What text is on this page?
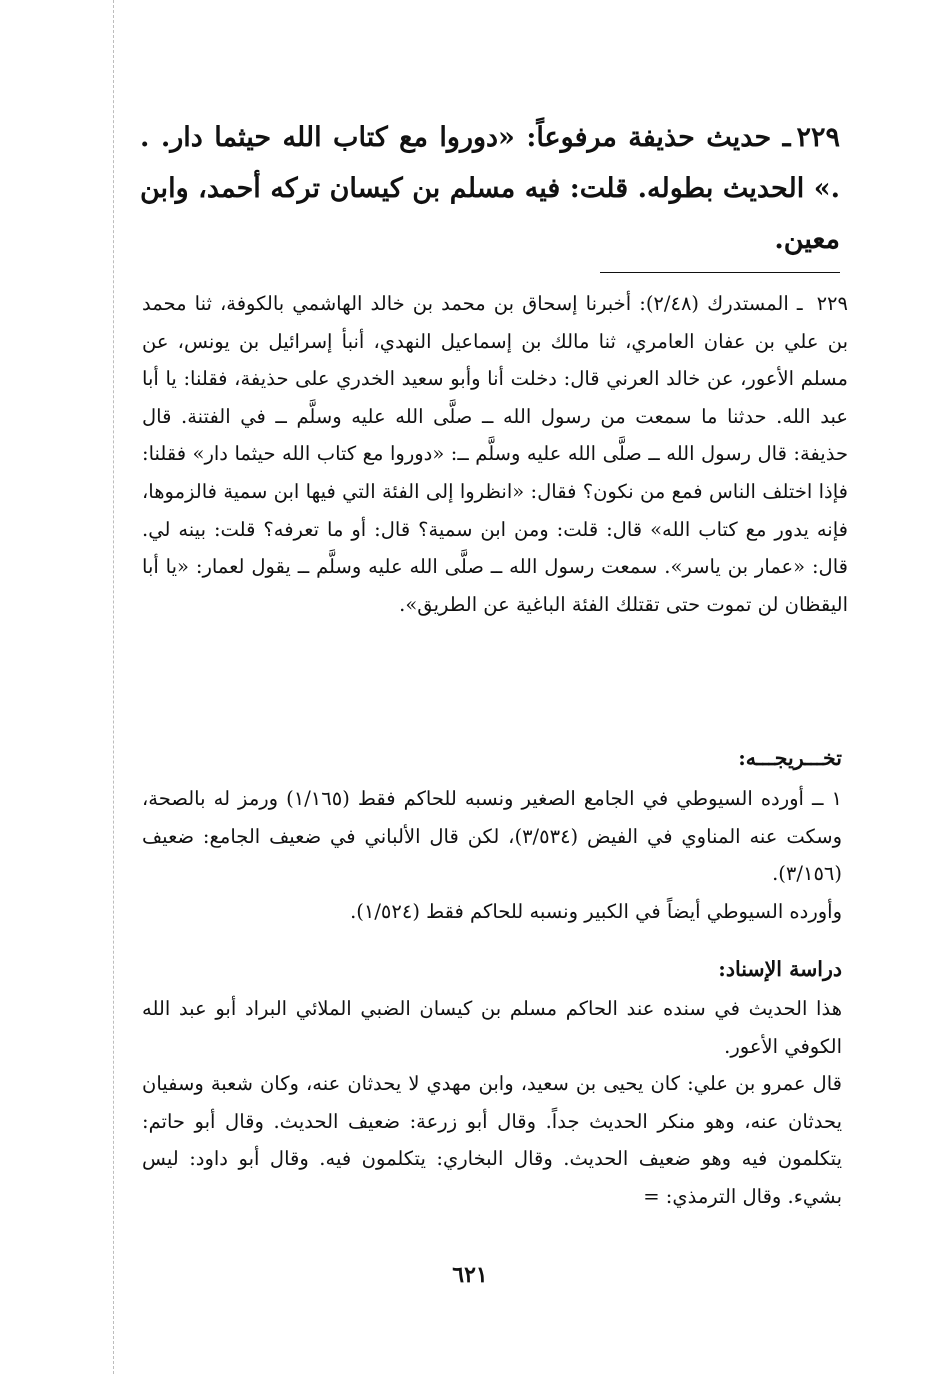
٢٢٩ـ حديث حذيفة مرفوعاً: «دوروا مع كتاب الله حيثما دار. . .» الحديث بطوله. قلت: فيه مسلم بن كيسان تركه أحمد، وابن معين.
٢٢٩ـ المستدرك (٢/٤٨): أخبرنا إسحاق بن محمد بن خالد الهاشمي بالكوفة، ثنا محمد بن علي بن عفان العامري، ثنا مالك بن إسماعيل النهدي، أنبأ إسرائيل بن يونس، عن مسلم الأعور، عن خالد العرني قال: دخلت أنا وأبو سعيد الخدري على حذيفة، فقلنا: يا أبا عبد الله. حدثنا ما سمعت من رسول الله ــ صلَّى الله عليه وسلَّم ــ في الفتنة. قال حذيفة: قال رسول الله ــ صلَّى الله عليه وسلَّم ــ: «دوروا مع كتاب الله حيثما دار» فقلنا: فإذا اختلف الناس فمع من نكون؟ فقال: «انظروا إلى الفئة التي فيها ابن سمية فالزموها، فإنه يدور مع كتاب الله» قال: قلت: ومن ابن سمية؟ قال: أو ما تعرفه؟ قلت: بينه لي. قال: «عمار بن ياسر». سمعت رسول الله ــ صلَّى الله عليه وسلَّم ــ يقول لعمار: «يا أبا اليقظان لن تموت حتى تقتلك الفئة الباغية عن الطريق».
تخـــريجـــه:
١ ــ أورده السيوطي في الجامع الصغير ونسبه للحاكم فقط (١/١٦٥) ورمز له بالصحة، وسكت عنه المناوي في الفيض (٣/٥٣٤)، لكن قال الألباني في ضعيف الجامع: ضعيف (٣/١٥٦).
وأورده السيوطي أيضاً في الكبير ونسبه للحاكم فقط (١/٥٢٤).
دراسة الإسناد:
هذا الحديث في سنده عند الحاكم مسلم بن كيسان الضبي الملائي البراد أبو عبد الله الكوفي الأعور.
قال عمرو بن علي: كان يحيى بن سعيد، وابن مهدي لا يحدثان عنه، وكان شعبة وسفيان يحدثان عنه، وهو منكر الحديث جداً. وقال أبو زرعة: ضعيف الحديث. وقال أبو حاتم: يتكلمون فيه وهو ضعيف الحديث. وقال البخاري: يتكلمون فيه. وقال أبو داود: ليس بشيء. وقال الترمذي: =
٦٢١
